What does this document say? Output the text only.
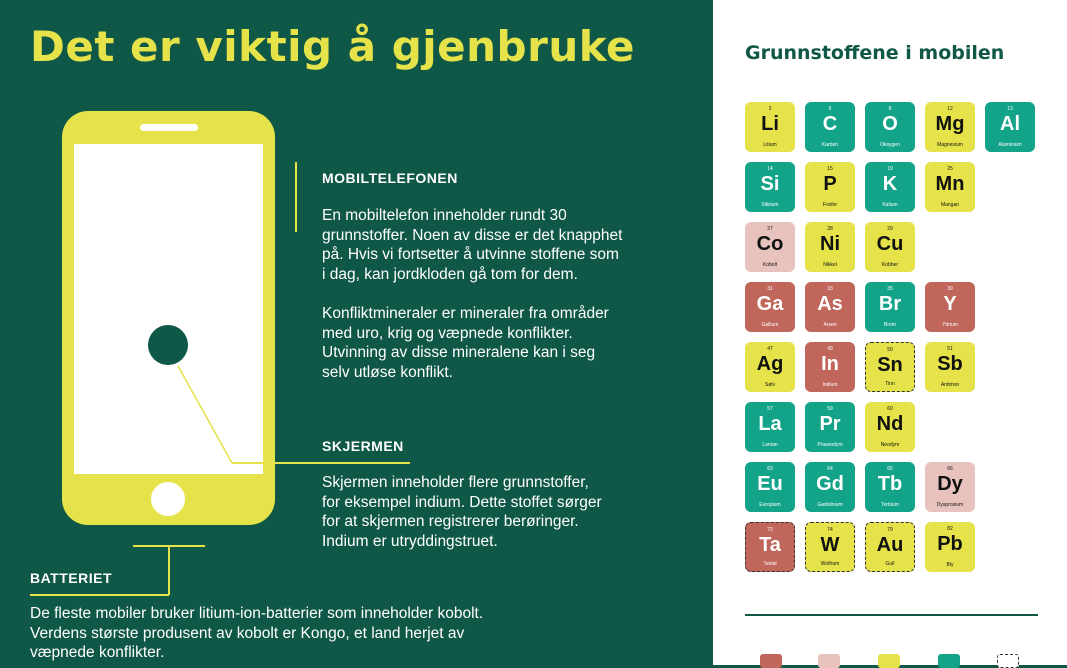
Det er viktig å gjenbruke
MOBILTELEFONEN
En mobiltelefon inneholder rundt 30
grunnstoffer. Noen av disse er det knapphet
på. Hvis vi fortsetter å utvinne stoffene som
i dag, kan jordkloden gå tom for dem.
Konfliktmineraler er mineraler fra områder
med uro, krig og væpnede konflikter.
Utvinning av disse mineralene kan i seg
selv utløse konflikt.
SKJERMEN
Skjermen inneholder flere grunnstoffer,
for eksempel indium. Dette stoffet sørger
for at skjermen registrerer berøringer.
Indium er utryddingstruet.
BATTERIET
De fleste mobiler bruker litium-ion-batterier som inneholder kobolt.
Verdens største produsent av kobolt er Kongo, et land herjet av
væpnede konflikter.
Grunnstoffene i mobilen
3
Li
Litium
6
C
Karbon
8
O
Oksygen
12
Mg
Magnesium
13
Al
Aluminium
14
Si
Silisium
15
P
Fosfor
19
K
Kalium
25
Mn
Mangan
27
Co
Kobolt
28
Ni
Nikkel
29
Cu
Kobber
31
Ga
Gallium
33
As
Arsen
35
Br
Brom
39
Y
Yttrium
47
Ag
Sølv
49
In
Indium
50
Sn
Tinn
51
Sb
Antimon
57
La
Lantan
59
Pr
Praseodym
60
Nd
Neodym
63
Eu
Europium
64
Gd
Gadolinium
65
Tb
Terbium
66
Dy
Dysprosium
73
Ta
Tantal
74
W
Wolfram
79
Au
Gull
82
Pb
Bly
